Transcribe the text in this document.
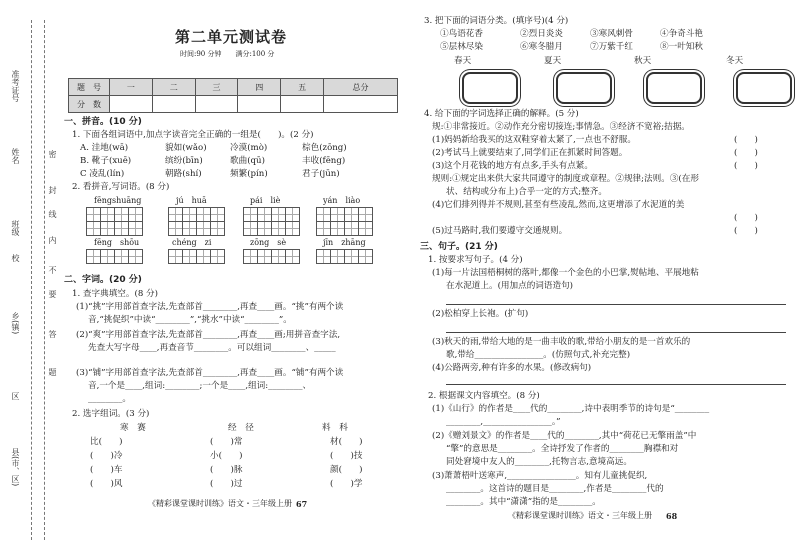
准考证号
姓名
班级
校
县(市、区)
乡(镇)
区
密
封
线
内
不
要
答
题
第二单元测试卷
时间:90 分钟　　满分:100 分
题　号	一	二	三	四	五	总分
分　数						
一、拼音。(10 分)
1. 下面各组词语中,加点字读音完全正确的一组是(　　)。(2 分)
A. 洼地(wā)	貌如(wǎo)	冷漠(mò)	棕色(zōng)
B. 靴子(xuē)	缤纷(bīn)	歌曲(qū)	丰收(fēng)
C 凌乱(lín)	朝路(shí)	频繁(pín)	君子(jūn)
2. 看拼音,写词语。(8 分)
fēngshuāng	jú　huā	pái　liè	yán　liào
fēng　shōu	chéng　zi	zōng　sè	jīn　zhāng
二、字词。(20 分)
1. 查字典填空。(8 分)
(1)“挑”字用部首查字法,先查部首________,再查____画。“挑”有两个读
音,“挑促织”中读“________”,“挑水”中读“________”。
(2)“爽”字用部首查字法,先查部首________,再查____画;用拼音查字法,
先查大写字母____,再查音节________。可以组词________、_____
(3)“铺”字用部首查字法,先查部首________,再查____画。“铺”有两个读
音,一个是____,组词:________;一个是____,组词:________、
________。
2. 选字组词。(3 分)
寒　赛	经　径	料　科
比(　　)	(　　)常	材(　　)
(　　)冷	小(　　)	(　　)技
(　　)车	(　　)脉	颜(　　)
(　　)风	(　　)过	(　　)学
《精彩课堂课时训练》语文・三年级上册 67
3. 把下面的词语分类。(填序号)(4 分)
①鸟语花香	②烈日炎炎	③寒风刺骨	④争奇斗艳
⑤层林尽染	⑥寒冬腊月	⑦万紫千红	⑧一叶知秋
春天	夏天	秋天	冬天
4. 给下面的字词选择正确的解释。(5 分)
规:①非常接近。②动作充分密切接连;事情急。③经济不宽裕;拮据。
(1)妈妈新给我买的这双鞋穿着太紧了,一点也不舒服。	(　　)
(2)考试马上就要结束了,同学们正在抓紧时间答题。	(　　)
(3)这个月花钱的地方有点多,手头有点紧。	(　　)
规则:①规定出来供大家共同遵守的制度或章程。②规律;法则。③(在形
状、结构或分布上)合乎一定的方式;整齐。
(4)它们排列得并不规则,甚至有些凌乱,然而,这更增添了水泥道的美
(　　)
(5)过马路时,我们要遵守交通规则。	(　　)
三、句子。(21 分)
1. 按要求写句子。(4 分)
(1)每一片法国梧桐树的落叶,都像一个金色的小巴掌,熨帖地、平展地粘
在水泥道上。(用加点的词语造句)
(2)松柏穿上长袍。(扩句)
(3)秋天的雨,带给大地的是一曲丰收的歌,带给小朋友的是一首欢乐的
歌,带给________________。(仿照句式,补充完整)
(4)公路两旁,种有许多的水果。(修改病句)
2. 根据课文内容填空。(8 分)
(1)《山行》的作者是____代的________,诗中表明季节的诗句是“________
________,________________。”
(2)《赠刘景文》的作者是____代的________,其中“荷花已无擎雨盖”中
“擎”的意思是________。全诗抒发了作者的________胸襟和对
同处窘境中友人的________,托物言志,意境高远。
(3)萧萧梧叶送寒声,________________。知有儿童挑促织,
________。这首诗的题目是________,作者是________代的
________。其中“潇潇”指的是________。
《精彩课堂课时训练》语文・三年级上册 68
